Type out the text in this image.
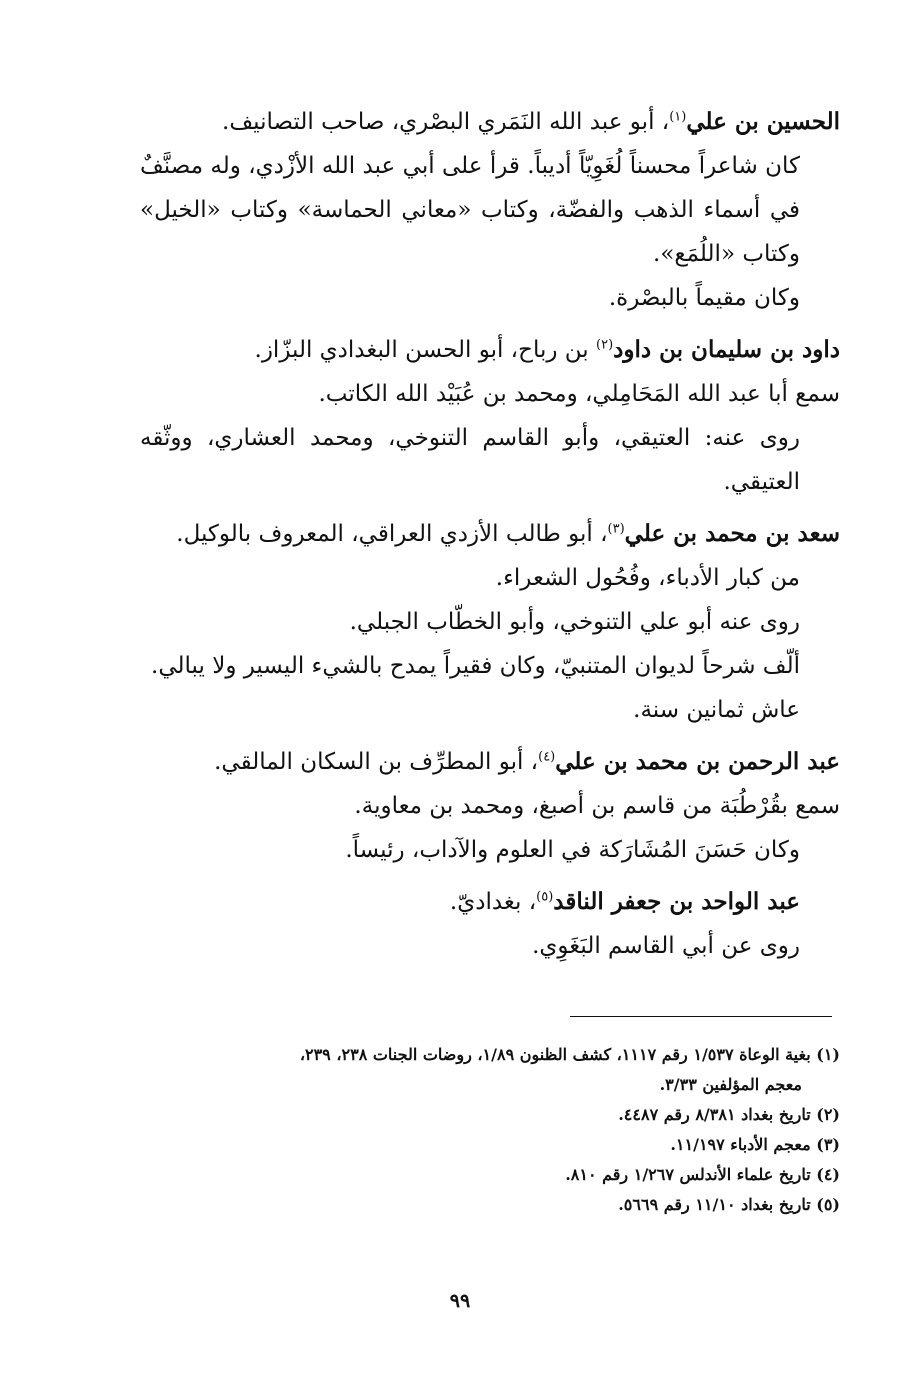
الحسين بن علي$^{(١)}$، أبو عبد الله النَمَري البصْري، صاحب التصانيف.

كان شاعراً محسناً لُغَوِيّاً أديباً. قرأ على أبي عبد الله الأزْدي، وله مصنَّفٌ في أسماء الذهب والفضّة، وكتاب «معاني الحماسة» وكتاب «الخيل» وكتاب «اللُمَع».

وكان مقيماً بالبصْرة.

داود بن سليمان بن داود$^{(٢)}$ بن رباح، أبو الحسن البغدادي البزّاز.

سمع أبا عبد الله المَحَامِلي، ومحمد بن عُبَيْد الله الكاتب.

روى عنه: العتيقي، وأبو القاسم التنوخي، ومحمد العشاري، ووثّقه العتيقي.

سعد بن محمد بن علي$^{(٣)}$، أبو طالب الأزدي العراقي، المعروف بالوكيل.

من كبار الأدباء، وفُحُول الشعراء.

روى عنه أبو علي التنوخي، وأبو الخطّاب الجبلي.

ألّف شرحاً لديوان المتنبيّ، وكان فقيراً يمدح بالشيء اليسير ولا يبالي.

عاش ثمانين سنة.

عبد الرحمن بن محمد بن علي$^{(٤)}$، أبو المطرِّف بن السكان المالقي.

سمع بقُرْطُبَة من قاسم بن أصبغ، ومحمد بن معاوية.

وكان حَسَنَ المُشَارَكة في العلوم والآداب، رئيساً.

عبد الواحد بن جعفر الناقد$^{(٥)}$، بغداديّ.

روى عن أبي القاسم البَغَوِي.

(١) بغية الوعاة ١/٥٣٧ رقم ١١١٧، كشف الظنون ١/٨٩، روضات الجنات ٢٣٨، ٢٣٩،
معجم المؤلفين ٣/٣٣.

(٢) تاريخ بغداد ٨/٣٨١ رقم ٤٤٨٧.

(٣) معجم الأدباء ١١/١٩٧.

(٤) تاريخ علماء الأندلس ١/٢٦٧ رقم ٨١٠.

(٥) تاريخ بغداد ١١/١٠ رقم ٥٦٦٩.

٩٩
